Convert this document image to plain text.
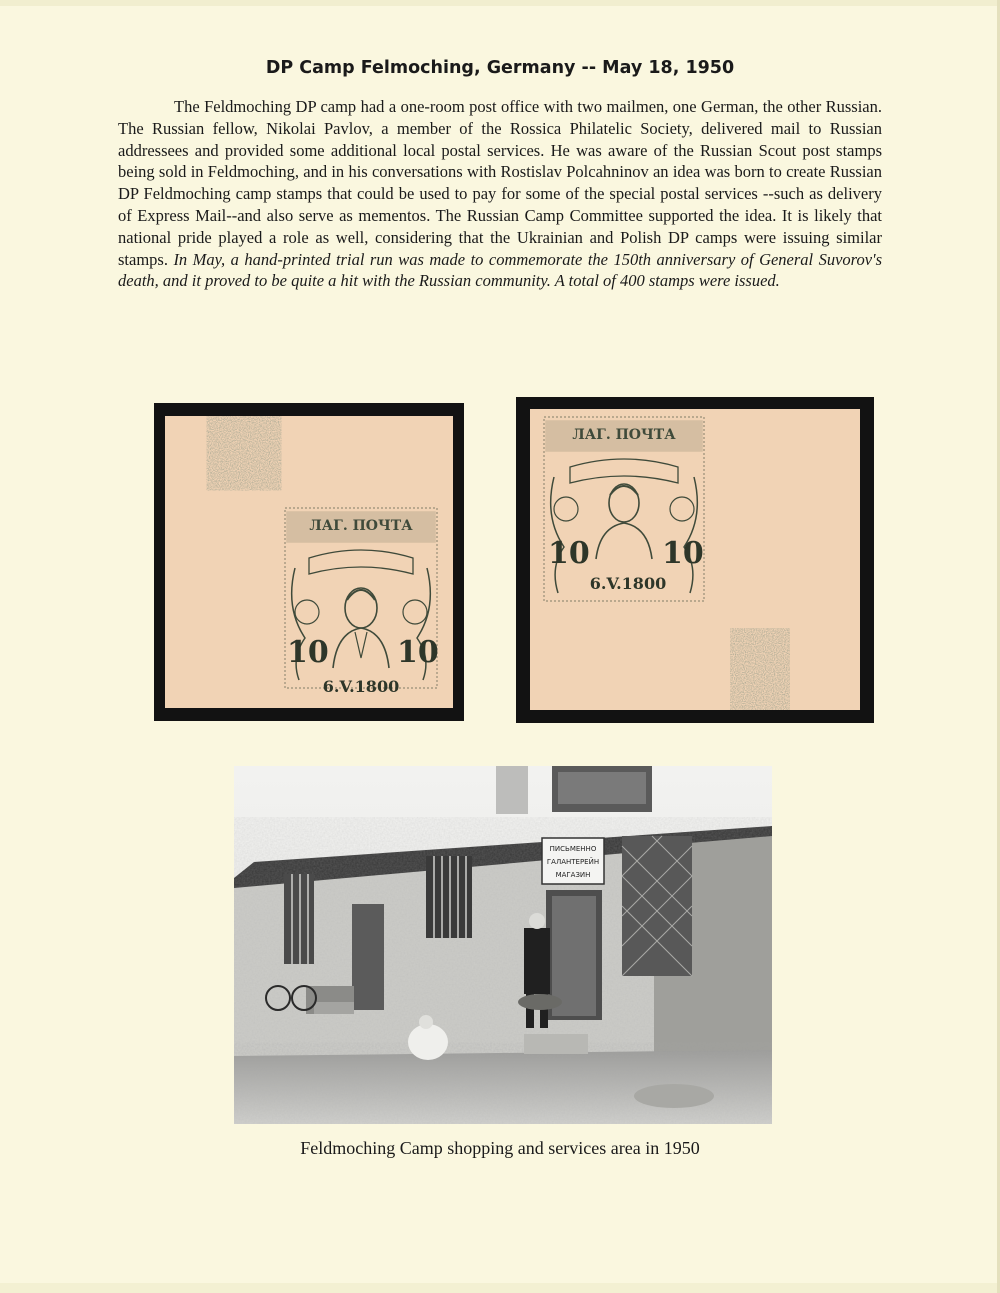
DP Camp Felmoching, Germany -- May 18, 1950
The Feldmoching DP camp had a one-room post office with two mailmen, one German, the other Russian. The Russian fellow, Nikolai Pavlov, a member of the Rossica Philatelic Society, delivered mail to Russian addressees and provided some additional local postal services. He was aware of the Russian Scout post stamps being sold in Feldmoching, and in his conversations with Rostislav Polcahninov an idea was born to create Russian DP Feldmoching camp stamps that could be used to pay for some of the special postal services --such as delivery of Express Mail--and also serve as mementos. The Russian Camp Committee supported the idea. It is likely that national pride played a role as well, considering that the Ukrainian and Polish DP camps were issuing similar stamps. In May, a hand-printed trial run was made to commemorate the 150th anniversary of General Suvorov's death, and it proved to be quite a hit with the Russian community. A total of 400 stamps were issued.
ЛАГ. ПОЧТА
10 10
6.V.1800
ЛАГ. ПОЧТА
10 10
6.V.1800
ПИСЬМЕННО
ГАЛАНТЕРЕЙН
МАГАЗИН
Feldmoching Camp shopping and services area in 1950
